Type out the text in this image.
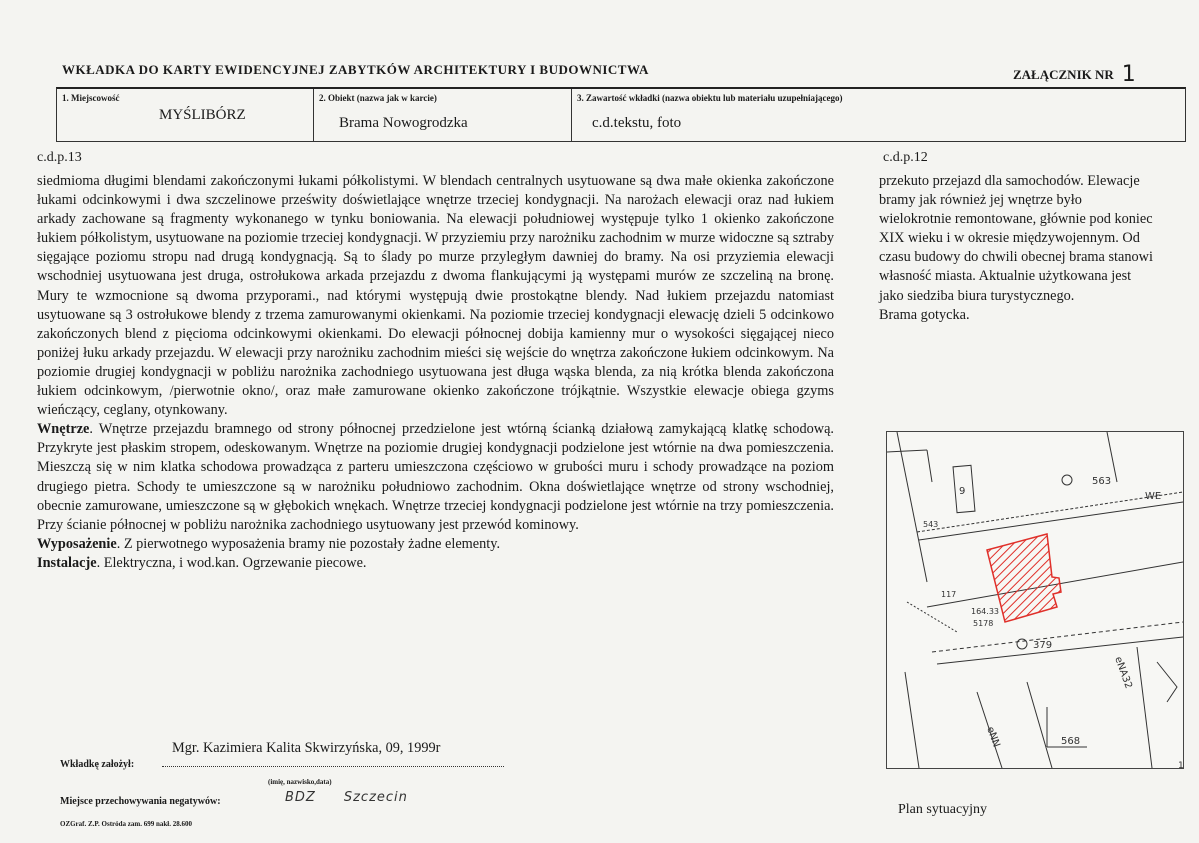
WKŁADKA DO KARTY EWIDENCYJNEJ ZABYTKÓW ARCHITEKTURY I BUDOWNICTWA	ZAŁĄCZNIK NR 1
1. Miejscowość
MYŚLIBÓRZ
2. Obiekt (nazwa jak w karcie)
Brama Nowogrodzka
3. Zawartość wkładki (nazwa obiektu lub materiału uzupełniającego)
c.d.tekstu, foto
c.d.p.13	c.d.p.12

siedmioma długimi blendami zakończonymi łukami półkolistymi. W blendach centralnych usytuowane są dwa małe okienka zakończone łukami odcinkowymi i dwa szczelinowe prześwity doświetlające wnętrze trzeciej kondygnacji. Na narożach elewacji oraz nad łukiem arkady zachowane są fragmenty wykonanego w tynku boniowania. Na elewacji południowej występuje tylko 1 okienko zakończone łukiem półkolistym, usytuowane na poziomie trzeciej kondygnacji. W przyziemiu przy narożniku zachodnim w murze widoczne są sztraby sięgające poziomu stropu nad drugą kondygnacją. Są to ślady po murze przyległym dawniej do bramy. Na osi przyziemia elewacji wschodniej usytuowana jest druga, ostrołukowa arkada przejazdu z dwoma flankującymi ją występami murów ze szczeliną na bronę. Mury te wzmocnione są dwoma przyporami., nad którymi występują dwie prostokątne blendy. Nad łukiem przejazdu natomiast usytuowane są 3 ostrołukowe blendy z trzema zamurowanymi okienkami. Na poziomie trzeciej kondygnacji elewację dzieli 5 odcinkowo zakończonych blend z pięcioma odcinkowymi okienkami. Do elewacji północnej dobija kamienny mur o wysokości sięgającej nieco poniżej łuku arkady przejazdu. W elewacji przy narożniku zachodnim mieści się wejście do wnętrza zakończone łukiem odcinkowym. Na poziomie drugiej kondygnacji w pobliżu narożnika zachodniego usytuowana jest długa wąska blenda, za nią krótka blenda zakończona łukiem odcinkowym, /pierwotnie okno/, oraz małe zamurowane okienko zakończone trójkątnie. Wszystkie elewacje obiega gzyms wieńczący, ceglany, otynkowany.

Wnętrze. Wnętrze przejazdu bramnego od strony północnej przedzielone jest wtórną ścianką działową zamykającą klatkę schodową. Przykryte jest płaskim stropem, odeskowanym. Wnętrze na poziomie drugiej kondygnacji podzielone jest wtórnie na dwa pomieszczenia. Mieszczą się w nim klatka schodowa prowadząca z parteru umieszczona częściowo w grubości muru i schody prowadzące na poziom drugiego pietra. Schody te umieszczone są w narożniku południowo zachodnim. Okna doświetlające wnętrze od strony wschodniej, obecnie zamurowane, umieszczone są w głębokich wnękach. Wnętrze trzeciej kondygnacji podzielone jest wtórnie na trzy pomieszczenia. Przy ścianie północnej w pobliżu narożnika zachodniego usytuowany jest przewód kominowy.

Wyposażenie. Z pierwotnego wyposażenia bramy nie pozostały żadne elementy.

Instalacje. Elektryczna, i wod.kan. Ogrzewanie piecowe.

przekuto przejazd dla samochodów. Elewacje bramy jak również jej wnętrze było wielokrotnie remontowane, głównie pod koniec XIX wieku i w okresie międzywojennym. Od czasu budowy do chwili obecnej brama stanowi własność miasta. Aktualnie użytkowana jest jako siedziba biura turystycznego.

Brama gotycka.

9
563
WE
543
117
164.33
5178
379
eNA32
eNN	568
1
Plan sytuacyjny
Mgr. Kazimiera Kalita Skwirzyńska, 09, 1999r
Wkładkę założył:
(imię, nazwisko,data)
Miejsce przechowywania negatywów:	BDZ Szczecin
OZGraf. Z.P. Ostróda zam. 699 nakł. 28.600
